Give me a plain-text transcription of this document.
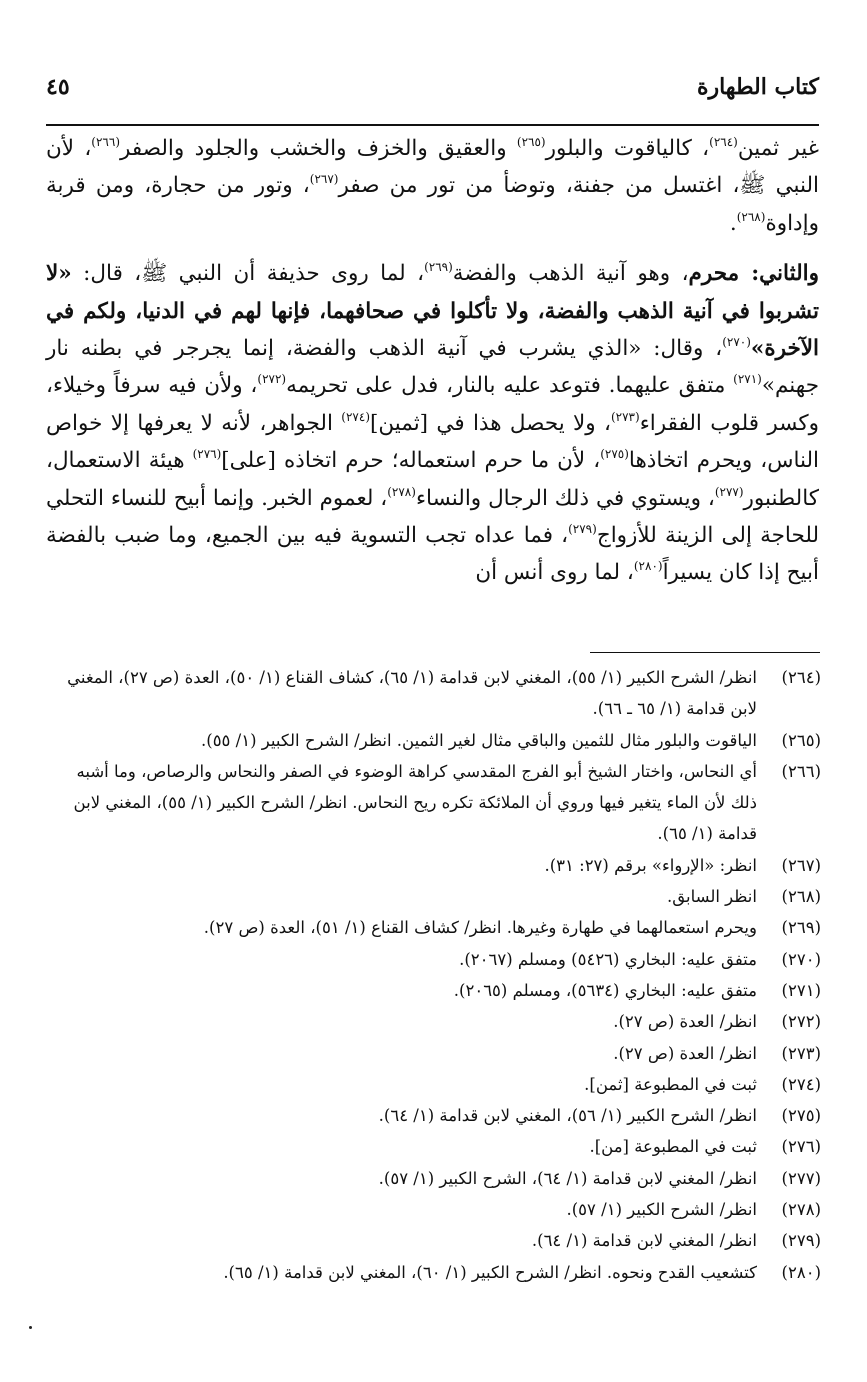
كتاب الطهارة
٤٥

غير ثمين$^{(٢٦٤)}$، كالياقوت والبلور$^{(٢٦٥)}$ والعقيق والخزف والخشب والجلود والصفر$^{(٢٦٦)}$، لأن النبي ﷺ، اغتسل من جفنة، وتوضأ من تور من صفر$^{(٢٦٧)}$، وتور من حجارة، ومن قربة وإداوة$^{(٢٦٨)}$.

والثاني: محرم، وهو آنية الذهب والفضة$^{(٢٦٩)}$، لما روى حذيفة أن النبي ﷺ، قال: «لا تشربوا في آنية الذهب والفضة، ولا تأكلوا في صحافهما، فإنها لهم في الدنيا، ولكم في الآخرة»$^{(٢٧٠)}$، وقال: «الذي يشرب في آنية الذهب والفضة، إنما يجرجر في بطنه نار جهنم»$^{(٢٧١)}$ متفق عليهما. فتوعد عليه بالنار، فدل على تحريمه$^{(٢٧٢)}$، ولأن فيه سرفاً وخيلاء، وكسر قلوب الفقراء$^{(٢٧٣)}$، ولا يحصل هذا في [ثمين]$^{(٢٧٤)}$ الجواهر، لأنه لا يعرفها إلا خواص الناس، ويحرم اتخاذها$^{(٢٧٥)}$، لأن ما حرم استعماله؛ حرم اتخاذه [على]$^{(٢٧٦)}$ هيئة الاستعمال، كالطنبور$^{(٢٧٧)}$، ويستوي في ذلك الرجال والنساء$^{(٢٧٨)}$، لعموم الخبر. وإنما أبيح للنساء التحلي للحاجة إلى الزينة للأزواج$^{(٢٧٩)}$، فما عداه تجب التسوية فيه بين الجميع، وما ضبب بالفضة أبيح إذا كان يسيراً$^{(٢٨٠)}$، لما روى أنس أن

(٢٦٤)
انظر/ الشرح الكبير (١/ ٥٥)، المغني لابن قدامة (١/ ٦٥)، كشاف القناع (١/ ٥٠)، العدة (ص ٢٧)، المغني لابن قدامة (١/ ٦٥ ـ ٦٦).
(٢٦٥)
الياقوت والبلور مثال للثمين والباقي مثال لغير الثمين. انظر/ الشرح الكبير (١/ ٥٥).
(٢٦٦)
أي النحاس، واختار الشيخ أبو الفرج المقدسي كراهة الوضوء في الصفر والنحاس والرصاص، وما أشبه ذلك لأن الماء يتغير فيها وروي أن الملائكة تكره ريح النحاس. انظر/ الشرح الكبير (١/ ٥٥)، المغني لابن قدامة (١/ ٦٥).
(٢٦٧)
انظر: «الإرواء» برقم (٢٧: ٣١).
(٢٦٨)
انظر السابق.
(٢٦٩)
ويحرم استعمالهما في طهارة وغيرها. انظر/ كشاف القناع (١/ ٥١)، العدة (ص ٢٧).
(٢٧٠)
متفق عليه: البخاري (٥٤٢٦) ومسلم (٢٠٦٧).
(٢٧١)
متفق عليه: البخاري (٥٦٣٤)، ومسلم (٢٠٦٥).
(٢٧٢)
انظر/ العدة (ص ٢٧).
(٢٧٣)
انظر/ العدة (ص ٢٧).
(٢٧٤)
ثبت في المطبوعة [ثمن].
(٢٧٥)
انظر/ الشرح الكبير (١/ ٥٦)، المغني لابن قدامة (١/ ٦٤).
(٢٧٦)
ثبت في المطبوعة [من].
(٢٧٧)
انظر/ المغني لابن قدامة (١/ ٦٤)، الشرح الكبير (١/ ٥٧).
(٢٧٨)
انظر/ الشرح الكبير (١/ ٥٧).
(٢٧٩)
انظر/ المغني لابن قدامة (١/ ٦٤).
(٢٨٠)
كتشعيب القدح ونحوه. انظر/ الشرح الكبير (١/ ٦٠)، المغني لابن قدامة (١/ ٦٥).
